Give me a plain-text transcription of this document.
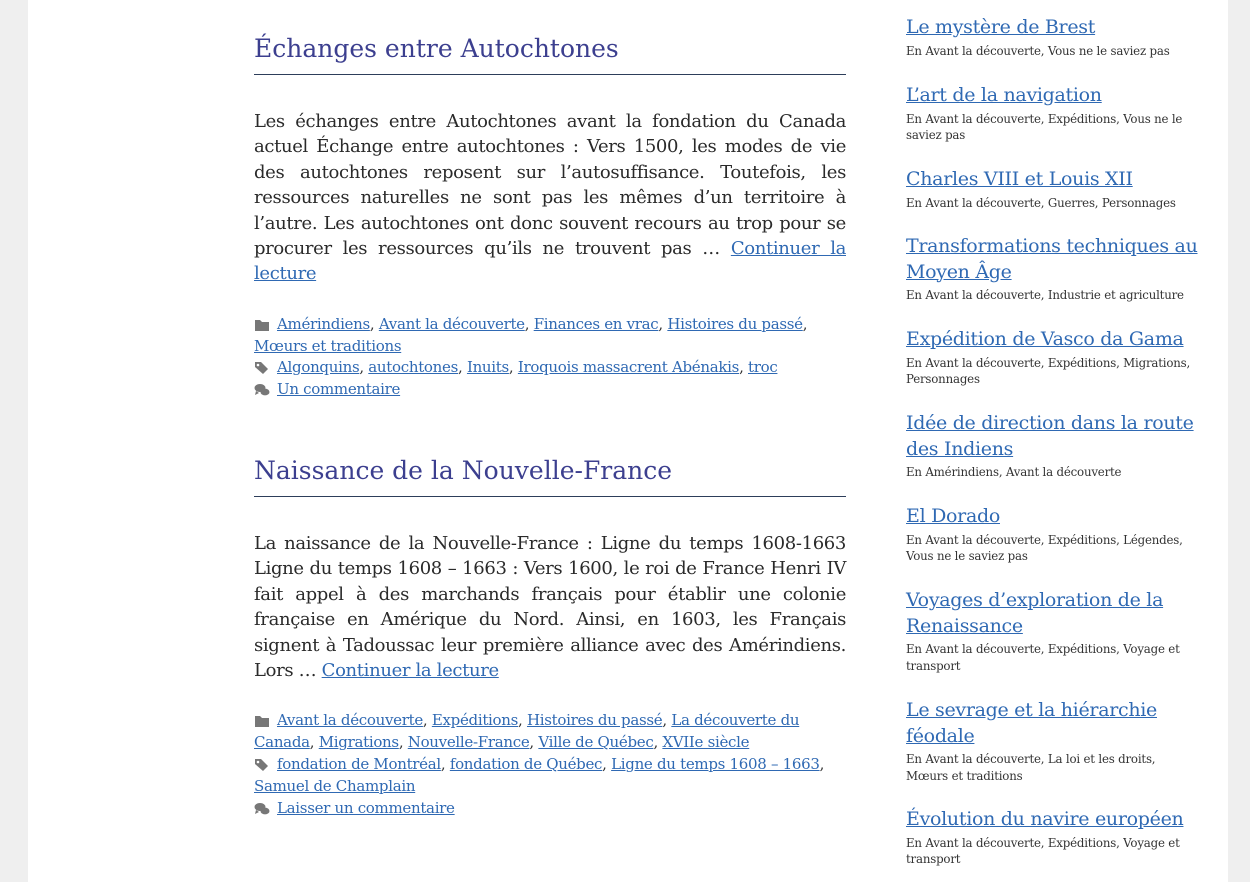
Échanges entre Autochtones

Les échanges entre Autochtones avant la fondation du Canada actuel Échange entre autochtones : Vers 1500, les modes de vie des autochtones reposent sur l’autosuffisance. Toutefois, les ressources naturelles ne sont pas les mêmes d’un territoire à l’autre. Les autochtones ont donc souvent recours au trop pour se procurer les ressources qu’ils ne trouvent pas … Continuer la lecture

Amérindiens, Avant la découverte, Finances en vrac, Histoires du passé, Mœurs et traditions
Algonquins, autochtones, Inuits, Iroquois massacrent Abénakis, troc
Un commentaire
Naissance de la Nouvelle-France

La naissance de la Nouvelle-France : Ligne du temps 1608-1663 Ligne du temps 1608 – 1663 : Vers 1600, le roi de France Henri IV fait appel à des marchands français pour établir une colonie française en Amérique du Nord. Ainsi, en 1603, les Français signent à Tadoussac leur première alliance avec des Amérindiens. Lors … Continuer la lecture

Avant la découverte, Expéditions, Histoires du passé, La découverte du Canada, Migrations, Nouvelle-France, Ville de Québec, XVIIe siècle
fondation de Montréal, fondation de Québec, Ligne du temps 1608 – 1663, Samuel de Champlain
Laisser un commentaire
Le mystère de Brest
En Avant la découverte, Vous ne le saviez pas
L’art de la navigation
En Avant la découverte, Expéditions, Vous ne le saviez pas
Charles VIII et Louis XII
En Avant la découverte, Guerres, Personnages
Transformations techniques au Moyen Âge
En Avant la découverte, Industrie et agriculture
Expédition de Vasco da Gama
En Avant la découverte, Expéditions, Migrations, Personnages
Idée de direction dans la route des Indiens
En Amérindiens, Avant la découverte
El Dorado
En Avant la découverte, Expéditions, Légendes, Vous ne le saviez pas
Voyages d’exploration de la Renaissance
En Avant la découverte, Expéditions, Voyage et transport
Le sevrage et la hiérarchie féodale
En Avant la découverte, La loi et les droits, Mœurs et traditions
Évolution du navire européen
En Avant la découverte, Expéditions, Voyage et transport
